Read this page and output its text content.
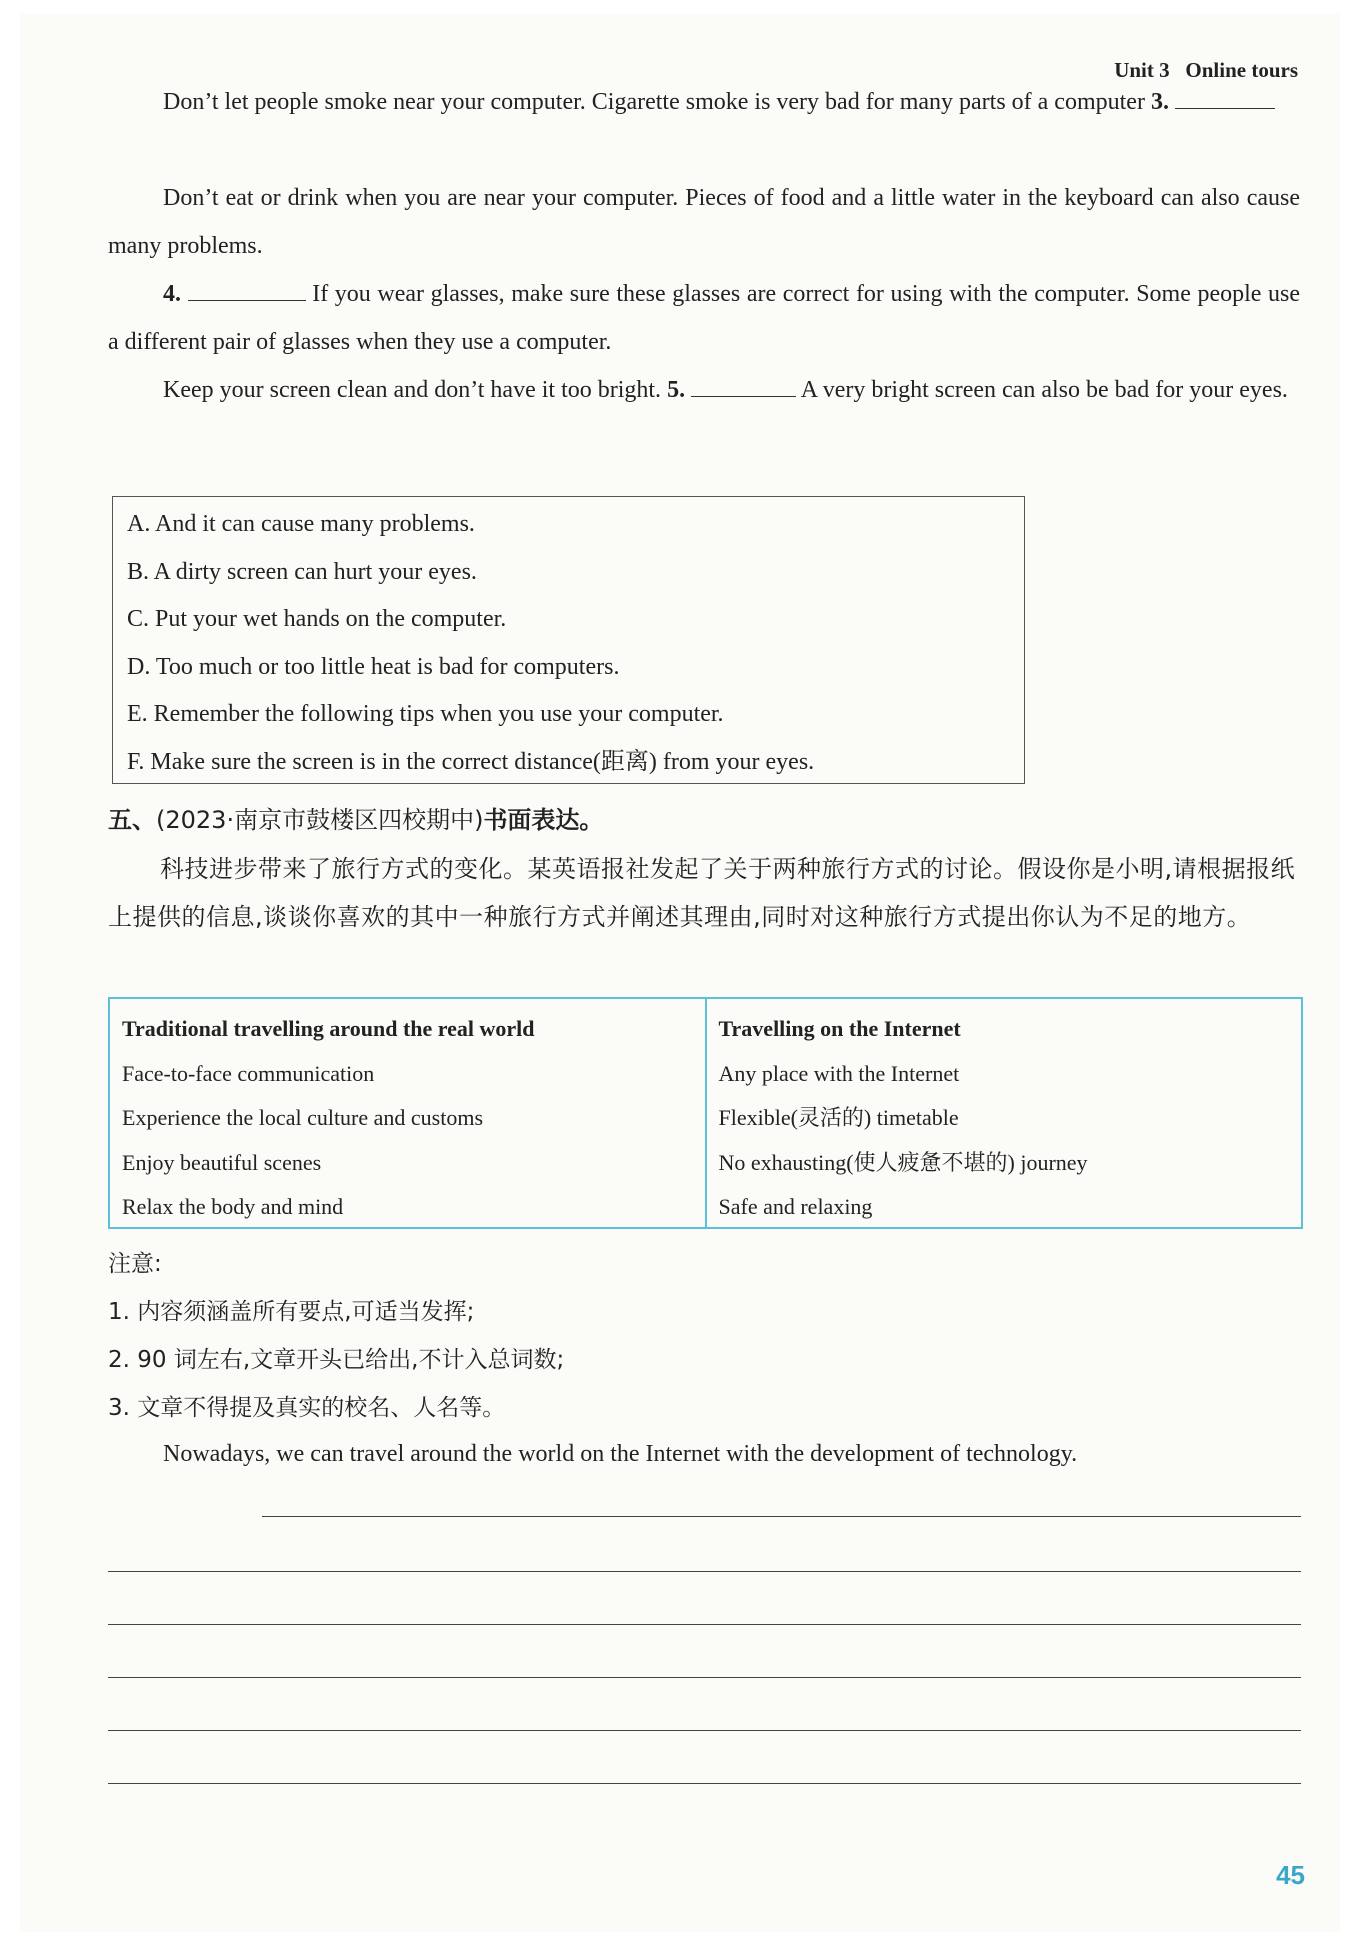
Unit 3 Online tours

Don’t let people smoke near your computer. Cigarette smoke is very bad for many parts of a computer 3.

Don’t eat or drink when you are near your computer. Pieces of food and a little water in the keyboard can also cause many problems.

4.	If you wear glasses, make sure these glasses are correct for using with the computer. Some people use a different pair of glasses when they use a computer.

Keep your screen clean and don’t have it too bright. 5.	A very bright screen can also be bad for your eyes.

A. And it can cause many problems.
B. A dirty screen can hurt your eyes.
C. Put your wet hands on the computer.
D. Too much or too little heat is bad for computers.
E. Remember the following tips when you use your computer.
F. Make sure the screen is in the correct distance(距离) from your eyes.
五、(2023·南京市鼓楼区四校期中)书面表达。
科技进步带来了旅行方式的变化。某英语报社发起了关于两种旅行方式的讨论。假设你是小明,请根据报纸上提供的信息,谈谈你喜欢的其中一种旅行方式并阐述其理由,同时对这种旅行方式提出你认为不足的地方。
Traditional travelling around the real world
Face-to-face communication
Experience the local culture and customs
Enjoy beautiful scenes
Relax the body and mind
Travelling on the Internet
Any place with the Internet
Flexible(灵活的) timetable
No exhausting(使人疲惫不堪的) journey
Safe and relaxing
注意:
1. 内容须涵盖所有要点,可适当发挥;
2. 90 词左右,文章开头已给出,不计入总词数;
3. 文章不得提及真实的校名、人名等。

Nowadays, we can travel around the world on the Internet with the development of technology.

45
